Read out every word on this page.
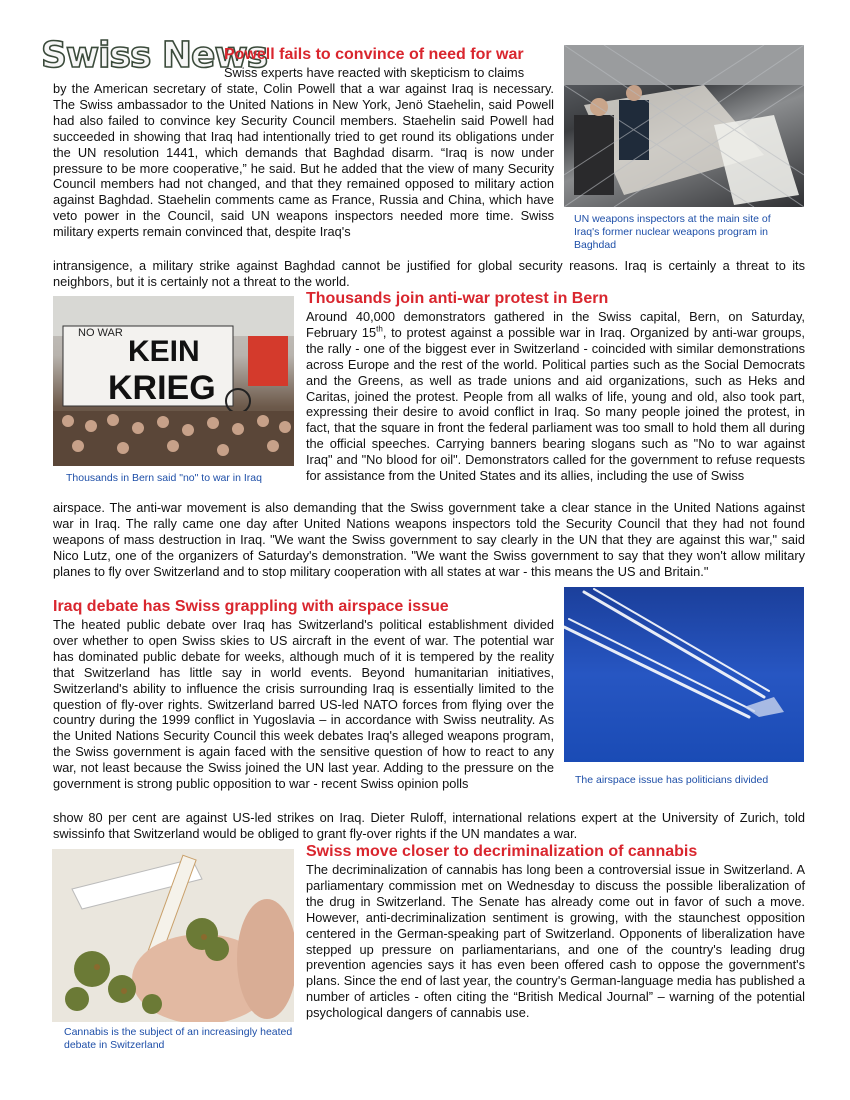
Swiss News
Powell fails to convince of need for war

Swiss experts have reacted with skepticism to claims

by the American secretary of state, Colin Powell that a war against Iraq is necessary. The Swiss ambassador to the United Nations in New York, Jenö Staehelin, said Powell had also failed to convince key Security Council members. Staehelin said Powell had succeeded in showing that Iraq had intentionally tried to get round its obligations under the UN resolution 1441, which demands that Baghdad disarm. “Iraq is now under pressure to be more cooperative,” he said. But he added that the view of many Security Council members had not changed, and that they remained opposed to military action against Baghdad. Staehelin comments came as France, Russia and China, which have veto power in the Council, said UN weapons inspectors needed more time. Swiss military experts remain convinced that, despite Iraq's

intransigence, a military strike against Baghdad cannot be justified for global security reasons. Iraq is certainly a threat to its neighbors, but it is certainly not a threat to the world.

UN weapons inspectors at the main site of Iraq's former nuclear weapons program in Baghdad
NO WAR
KEIN
KRIEG
Thousands in Bern said "no" to war in Iraq
Thousands join anti-war protest in Bern

Around 40,000 demonstrators gathered in the Swiss capital, Bern, on Saturday, February 15th, to protest against a possible war in Iraq. Organized by anti-war groups, the rally - one of the biggest ever in Switzerland - coincided with similar demonstrations across Europe and the rest of the world. Political parties such as the Social Democrats and the Greens, as well as trade unions and aid organizations, such as Heks and Caritas, joined the protest. People from all walks of life, young and old, also took part, expressing their desire to avoid conflict in Iraq. So many people joined the protest, in fact, that the square in front the federal parliament was too small to hold them all during the official speeches. Carrying banners bearing slogans such as "No to war against Iraq" and "No blood for oil". Demonstrators called for the government to refuse requests for assistance from the United States and its allies, including the use of Swiss

airspace. The anti-war movement is also demanding that the Swiss government take a clear stance in the United Nations against war in Iraq. The rally came one day after United Nations weapons inspectors told the Security Council that they had not found weapons of mass destruction in Iraq. "We want the Swiss government to say clearly in the UN that they are against this war," said Nico Lutz, one of the organizers of Saturday's demonstration. "We want the Swiss government to say that they won't allow military planes to fly over Switzerland and to stop military cooperation with all states at war - this means the US and Britain."

Iraq debate has Swiss grappling with airspace issue

The heated public debate over Iraq has Switzerland's political establishment divided over whether to open Swiss skies to US aircraft in the event of war. The potential war has dominated public debate for weeks, although much of it is tempered by the reality that Switzerland has little say in world events. Beyond humanitarian initiatives, Switzerland's ability to influence the crisis surrounding Iraq is essentially limited to the question of fly-over rights. Switzerland barred US-led NATO forces from flying over the country during the 1999 conflict in Yugoslavia – in accordance with Swiss neutrality. As the United Nations Security Council this week debates Iraq's alleged weapons program, the Swiss government is again faced with the sensitive question of how to react to any war, not least because the Swiss joined the UN last year. Adding to the pressure on the government is strong public opposition to war - recent Swiss opinion polls

show 80 per cent are against US-led strikes on Iraq. Dieter Ruloff, international relations expert at the University of Zurich, told swissinfo that Switzerland would be obliged to grant fly-over rights if the UN mandates a war.

The airspace issue has politicians divided
Cannabis is the subject of an increasingly heated debate in Switzerland
Swiss move closer to decriminalization of cannabis

The decriminalization of cannabis has long been a controversial issue in Switzerland. A parliamentary commission met on Wednesday to discuss the possible liberalization of the drug in Switzerland. The Senate has already come out in favor of such a move. However, anti-decriminalization sentiment is growing, with the staunchest opposition centered in the German-speaking part of Switzerland. Opponents of liberalization have stepped up pressure on parliamentarians, and one of the country's leading drug prevention agencies says it has even been offered cash to oppose the government's plans. Since the end of last year, the country's German-language media has published a number of articles - often citing the “British Medical Journal” – warning of the potential psychological dangers of cannabis use.
